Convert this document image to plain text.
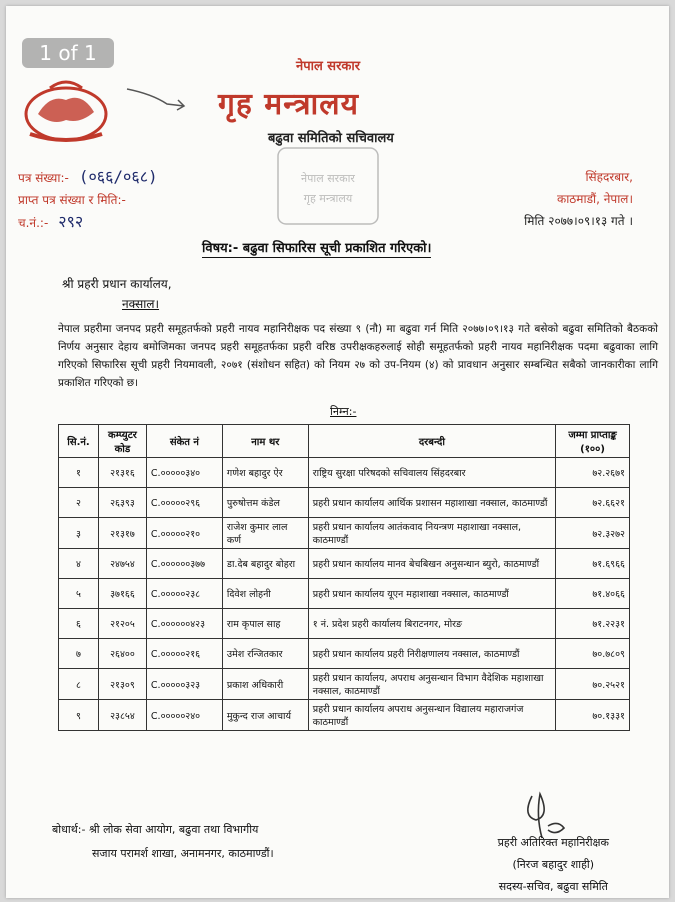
नेपाल सरकार
गृह मन्त्रालय
बढुवा समितिको सचिवालय
नेपाल सरकार
गृह मन्त्रालय
पत्र संख्या:- (०६६/०६८)
प्राप्त पत्र संख्या र मिति:-
च.नं.:- २९२
सिंहदरबार,
काठमाडौं, नेपाल।
मिति २०७७।०९।१३ गते ।
विषय:- बढुवा सिफारिस सूची प्रकाशित गरिएको।
श्री प्रहरी प्रधान कार्यालय,
नक्साल।
नेपाल प्रहरीमा जनपद प्रहरी समूहतर्फको प्रहरी नायव महानिरीक्षक पद संख्या ९ (नौ) मा बढुवा गर्न मिति २०७७।०९।१३ गते बसेको बढुवा समितिको बैठकको निर्णय अनुसार देहाय बमोजिमका जनपद प्रहरी समूहतर्फका प्रहरी वरिष्ठ उपरीक्षकहरुलाई सोही समूहतर्फको प्रहरी नायव महानिरीक्षक पदमा बढुवाका लागि गरिएको सिफारिस सूची प्रहरी नियमावली, २०७१ (संशोधन सहित) को नियम २७ को उप-नियम (४) को प्रावधान अनुसार सम्बन्धित सबैको जानकारीका लागि प्रकाशित गरिएको छ।
निम्न:-
सि.नं.	कम्प्युटर कोड	संकेत नं	नाम थर	दरबन्दी	जम्मा प्राप्ताङ्क (१००)
१	२१३१६	C.०००००३४०	गणेश बहादुर ऐर	राष्ट्रिय सुरक्षा परिषदको सचिवालय सिंहदरबार	७२.२६७१
२	२६३९३	C.०००००२९६	पुरुषोत्तम कंडेल	प्रहरी प्रधान कार्यालय आर्थिक प्रशासन महाशाखा नक्साल, काठमाण्डौं	७२.६६२१
३	२१३१७	C.०००००२१०	राजेश कुमार लाल कर्ण	प्रहरी प्रधान कार्यालय आतंकवाद नियन्त्रण महाशाखा नक्साल, काठमाण्डौं	७२.३२७२
४	२४७५४	C.००००००३७७	डा.देब बहादुर बोहरा	प्रहरी प्रधान कार्यालय मानव बेचबिखन अनुसन्धान ब्युरो, काठमाण्डौं	७१.६९६६
५	३७१६६	C.०००००२३८	दिवेश लोहनी	प्रहरी प्रधान कार्यालय यूएन महाशाखा नक्साल, काठमाण्डौं	७१.४०६६
६	२१२०५	C.००००००४२३	राम कृपाल साह	१ नं. प्रदेश प्रहरी कार्यालय बिराटनगर, मोरङ	७१.२२३१
७	२६४००	C.०००००२१६	उमेश रन्जितकार	प्रहरी प्रधान कार्यालय प्रहरी निरीक्षणालय नक्साल, काठमाण्डौं	७०.७८०९
८	२१३०९	C.०००००३२३	प्रकाश अधिकारी	प्रहरी प्रधान कार्यालय, अपराध अनुसन्धान विभाग वैदेशिक महाशाखा नक्साल, काठमाण्डौं	७०.२५२१
९	२३८५४	C.०००००२४०	मुकुन्द राज आचार्य	प्रहरी प्रधान कार्यालय अपराध अनुसन्धान विद्यालय महाराजगंज काठमाण्डौं	७०.१३३१
बोधार्थ:- श्री लोक सेवा आयोग, बढुवा तथा विभागीय
सजाय परामर्श शाखा, अनामनगर, काठमाण्डौं।
प्रहरी अतिरिक्त महानिरीक्षक
(निरज बहादुर शाही)
सदस्य-सचिव, बढुवा समिति
1 of 1
